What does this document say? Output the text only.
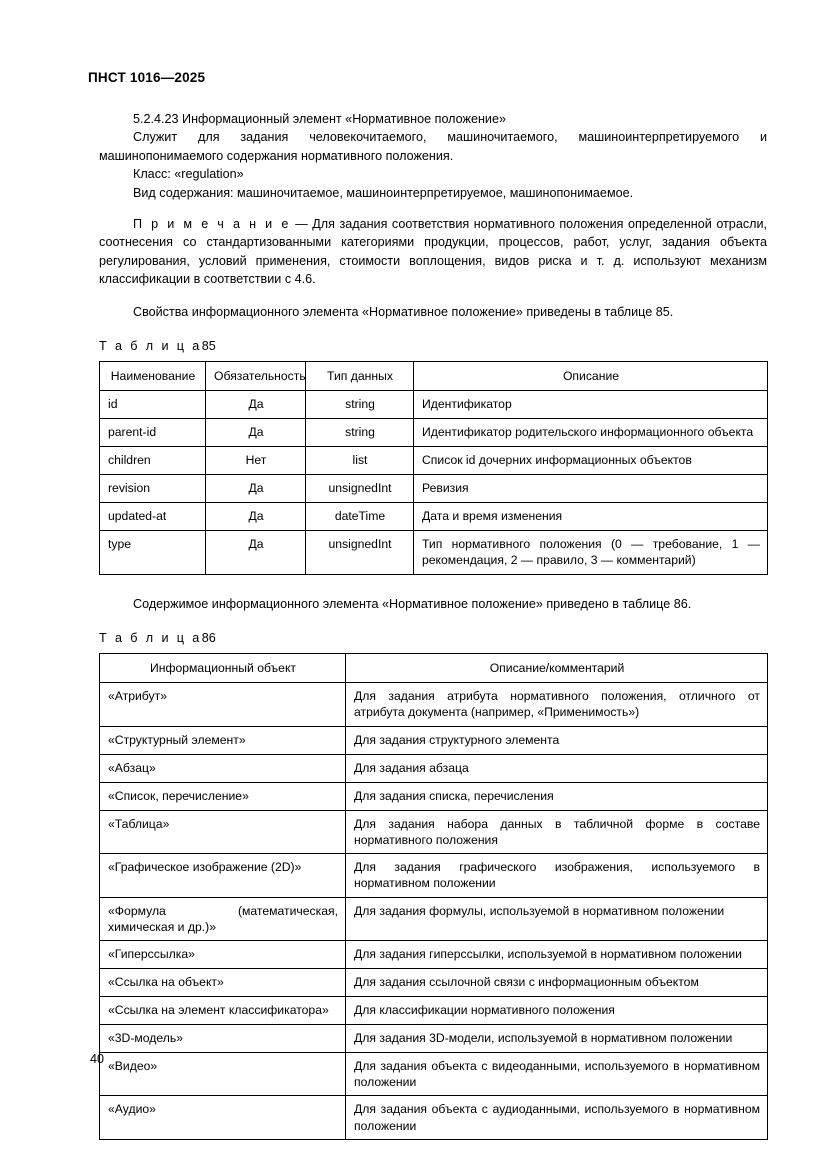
ПНСТ 1016—2025

5.2.4.23 Информационный элемент «Нормативное положение»

Служит для задания человекочитаемого, машиночитаемого, машиноинтерпретируемого и машинопонимаемого содержания нормативного положения.

Класс: «regulation»

Вид содержания: машиночитаемое, машиноинтерпретируемое, машинопонимаемое.

П р и м е ч а н и е — Для задания соответствия нормативного положения определенной отрасли, соотнесения со стандартизованными категориями продукции, процессов, работ, услуг, задания объекта регулирования, условий применения, стоимости воплощения, видов риска и т. д. используют механизм классификации в соответствии с 4.6.

Свойства информационного элемента «Нормативное положение» приведены в таблице 85.

Т а б л и ц а85

Наименование	Обязательность	Тип данных	Описание
id	Да	string	Идентификатор
parent-id	Да	string	Идентификатор родительского информационного объекта
children	Нет	list	Список id дочерних информационных объектов
revision	Да	unsignedInt	Ревизия
updated-at	Да	dateTime	Дата и время изменения
type	Да	unsignedInt	Тип нормативного положения (0 — требование, 1 — рекомендация, 2 — правило, 3 — комментарий)

Содержимое информационного элемента «Нормативное положение» приведено в таблице 86.

Т а б л и ц а86

Информационный объект	Описание/комментарий
«Атрибут»	Для задания атрибута нормативного положения, отличного от атрибута документа (например, «Применимость»)
«Структурный элемент»	Для задания структурного элемента
«Абзац»	Для задания абзаца
«Список, перечисление»	Для задания списка, перечисления
«Таблица»	Для задания набора данных в табличной форме в составе нормативного положения
«Графическое изображение (2D)»	Для задания графического изображения, используемого в нормативном положении
«Формула (математическая, химическая и др.)»	Для задания формулы, используемой в нормативном положении
«Гиперссылка»	Для задания гиперссылки, используемой в нормативном положении
«Ссылка на объект»	Для задания ссылочной связи с информационным объектом
«Ссылка на элемент классификатора»	Для классификации нормативного положения
«3D-модель»	Для задания 3D-модели, используемой в нормативном положении
«Видео»	Для задания объекта с видеоданными, используемого в нормативном положении
«Аудио»	Для задания объекта с аудиоданными, используемого в нормативном положении
40
